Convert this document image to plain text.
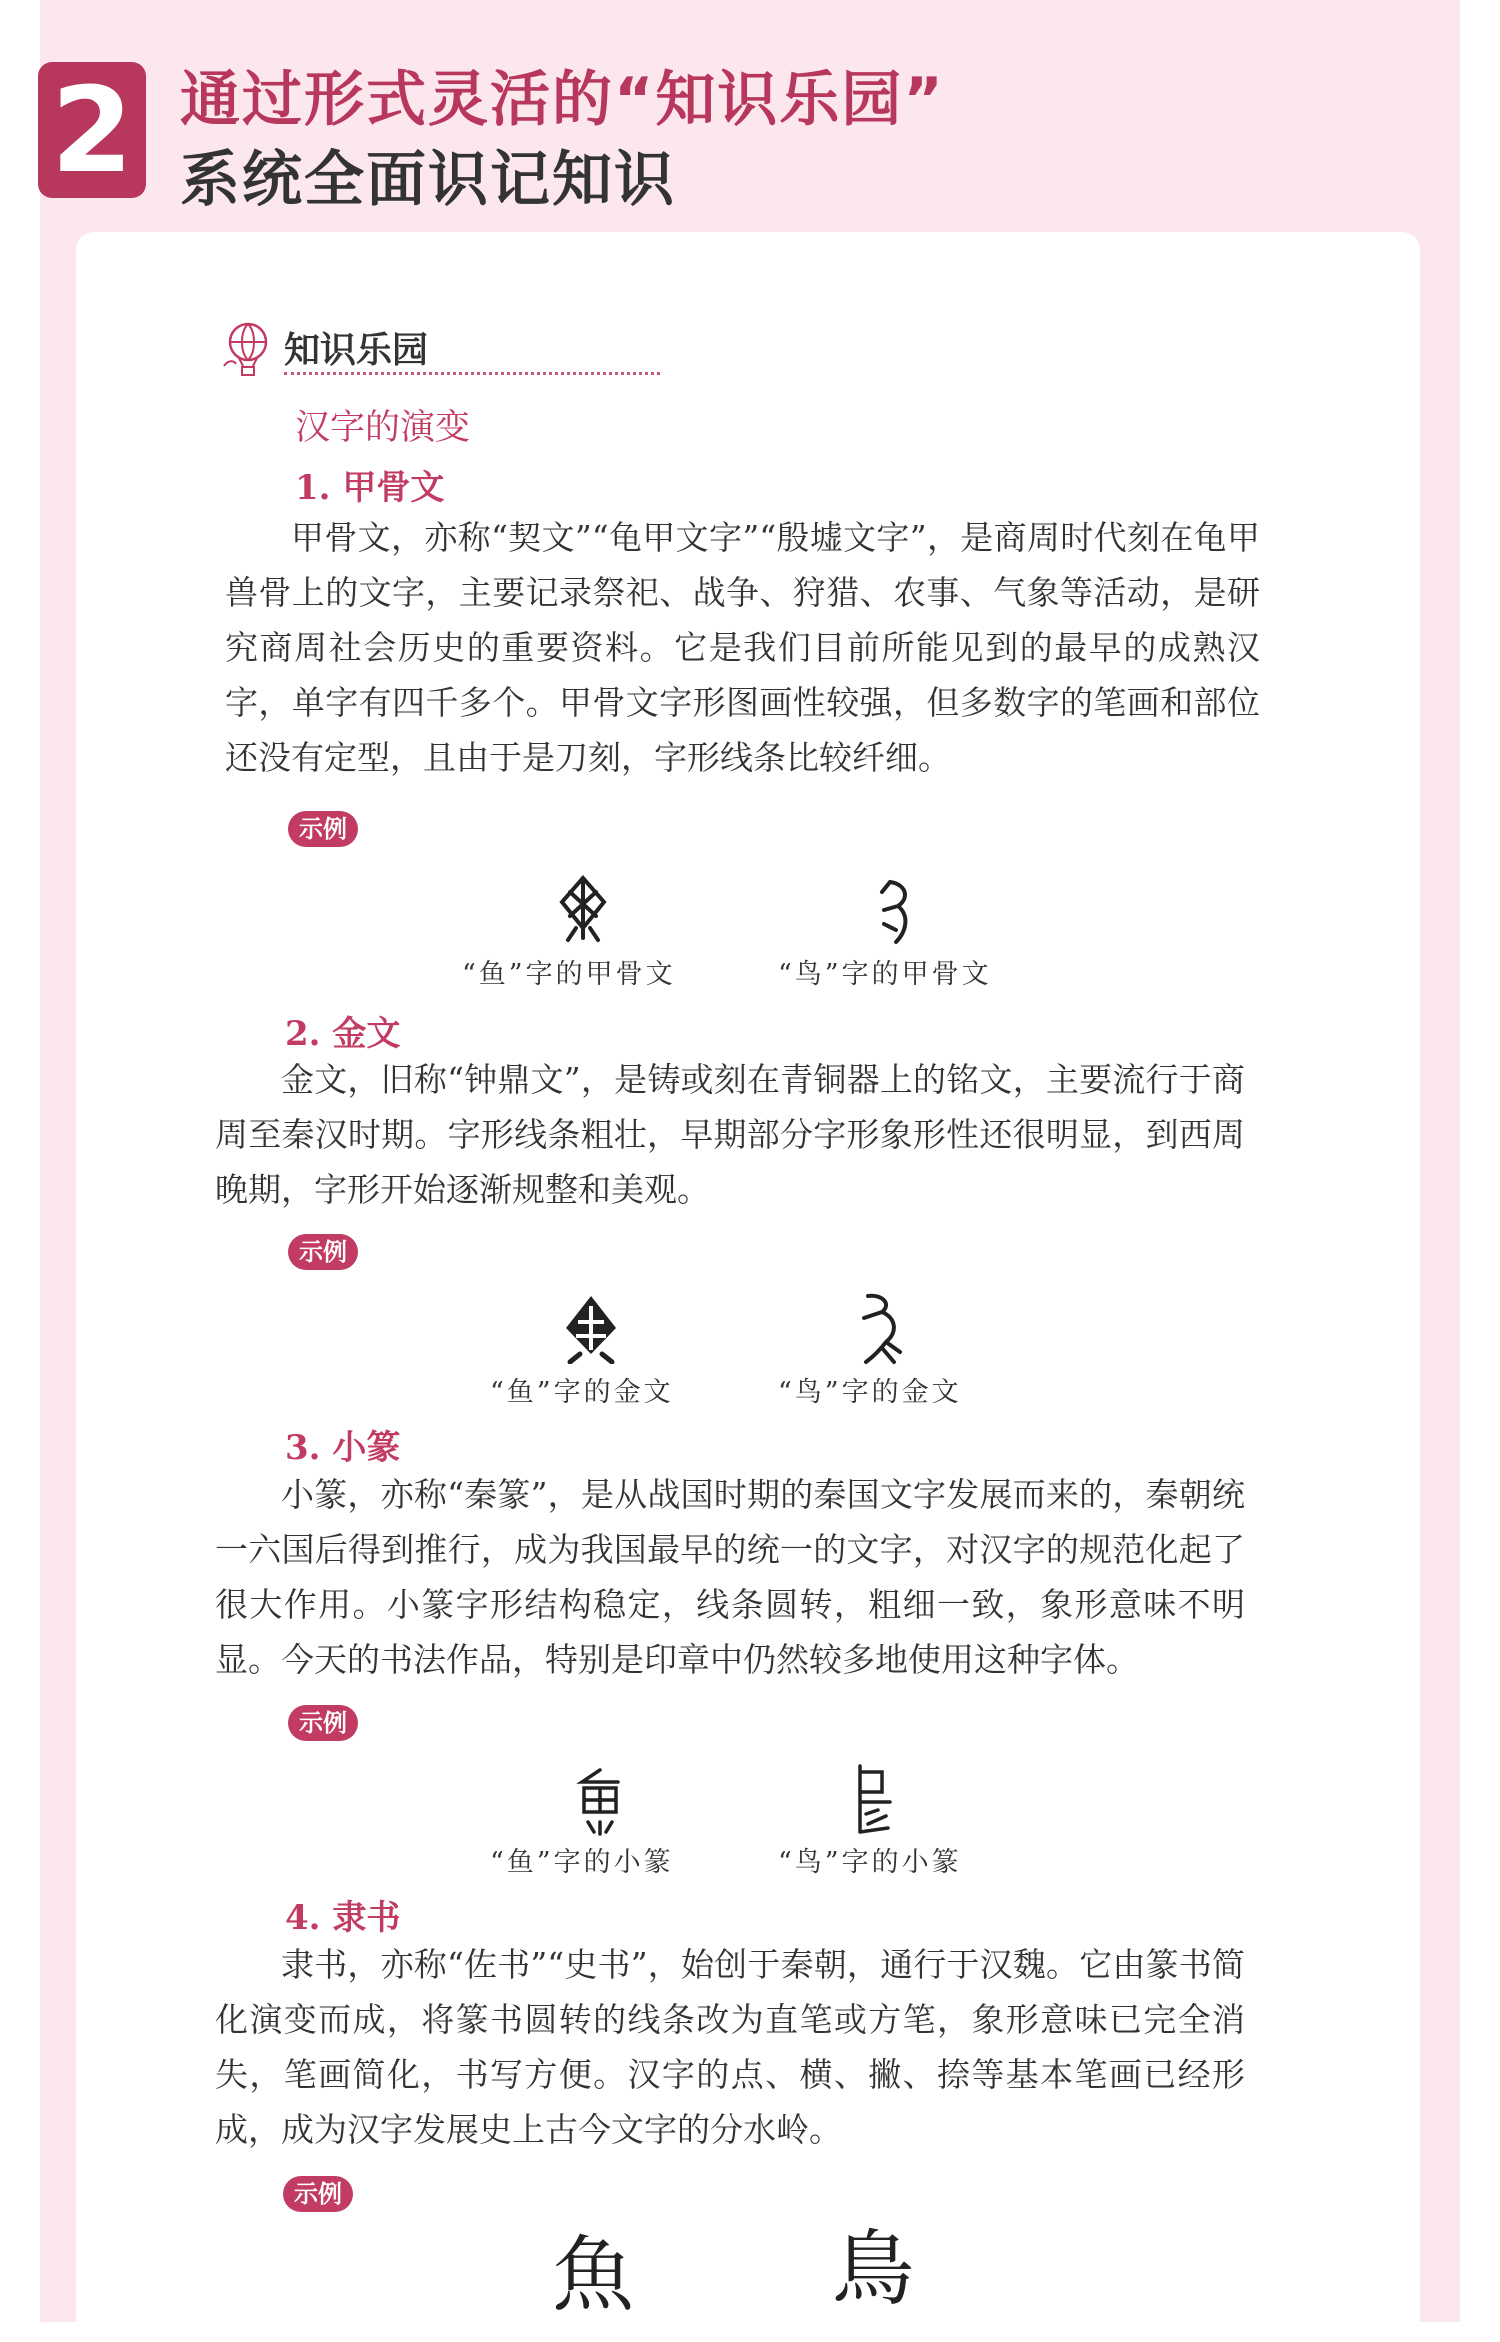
2 通过形式灵活的“知识乐园”
系统全面识记知识
知识乐园
汉字的演变
1. 甲骨文
甲骨文，亦称“契文”“龟甲文字”“殷墟文字”，是商周时代刻在龟甲兽骨上的文字，主要记录祭祀、战争、狩猎、农事、气象等活动，是研究商周社会历史的重要资料。它是我们目前所能见到的最早的成熟汉字，单字有四千多个。甲骨文字形图画性较强，但多数字的笔画和部位还没有定型，且由于是刀刻，字形线条比较纤细。
示例
“鱼”字的甲骨文	“鸟”字的甲骨文
2. 金文
金文，旧称“钟鼎文”，是铸或刻在青铜器上的铭文，主要流行于商周至秦汉时期。字形线条粗壮，早期部分字形象形性还很明显，到西周晚期，字形开始逐渐规整和美观。
示例
“鱼”字的金文	“鸟”字的金文
3. 小篆
小篆，亦称“秦篆”，是从战国时期的秦国文字发展而来的，秦朝统一六国后得到推行，成为我国最早的统一的文字，对汉字的规范化起了很大作用。小篆字形结构稳定，线条圆转，粗细一致，象形意味不明显。今天的书法作品，特别是印章中仍然较多地使用这种字体。
示例
“鱼”字的小篆	“鸟”字的小篆
4. 隶书
隶书，亦称“佐书”“史书”，始创于秦朝，通行于汉魏。它由篆书简化演变而成，将篆书圆转的线条改为直笔或方笔，象形意味已完全消失，笔画简化，书写方便。汉字的点、横、撇、捺等基本笔画已经形成，成为汉字发展史上古今文字的分水岭。
示例
魚 鳥
